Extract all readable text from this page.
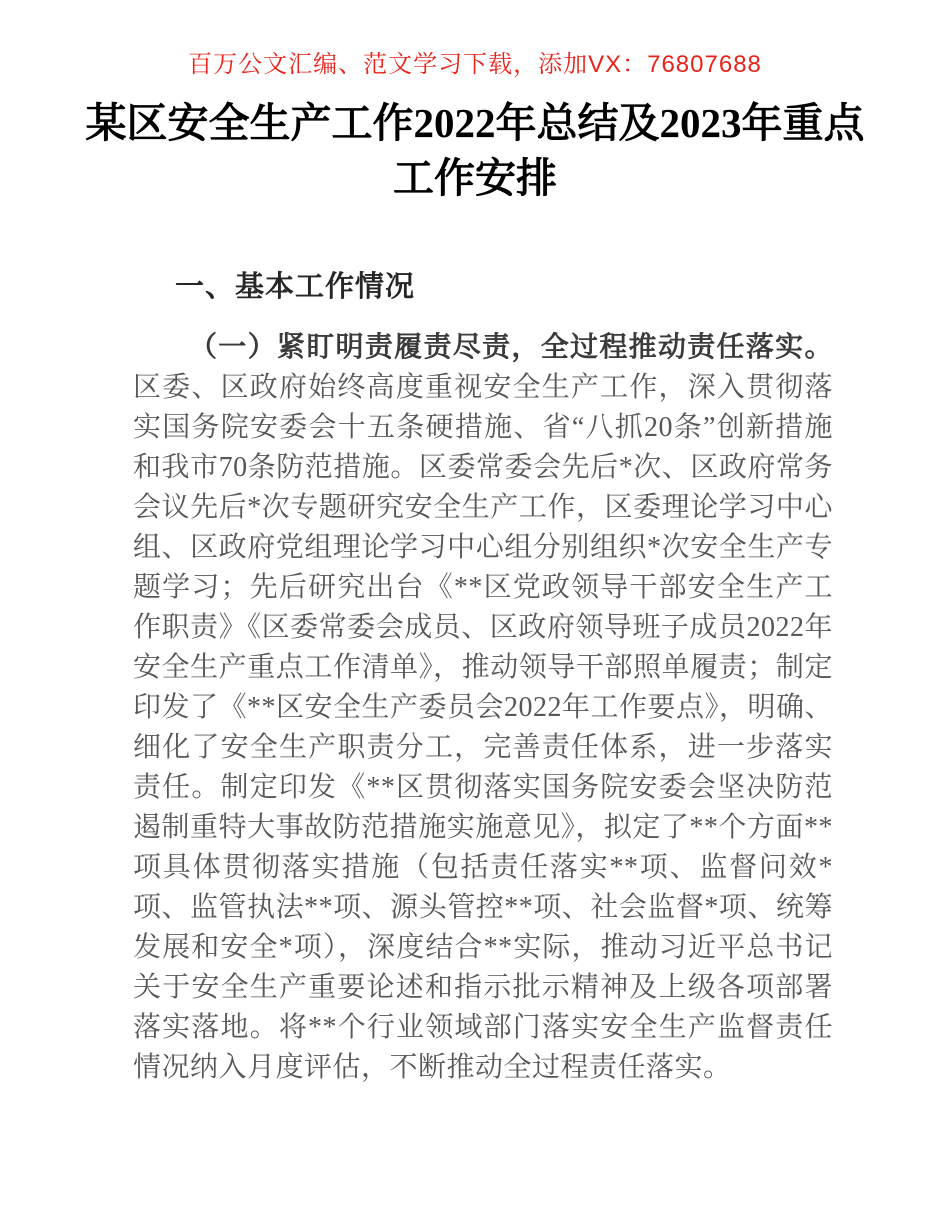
百万公文汇编、范文学习下载，添加VX：76807688
某区安全生产工作2022年总结及2023年重点工作安排
一、基本工作情况

（一）紧盯明责履责尽责，全过程推动责任落实。区委、区政府始终高度重视安全生产工作，深入贯彻落实国务院安委会十五条硬措施、省“八抓20条”创新措施和我市70条防范措施。区委常委会先后*次、区政府常务会议先后*次专题研究安全生产工作，区委理论学习中心组、区政府党组理论学习中心组分别组织*次安全生产专题学习；先后研究出台《**区党政领导干部安全生产工作职责》《区委常委会成员、区政府领导班子成员2022年安全生产重点工作清单》，推动领导干部照单履责；制定印发了《**区安全生产委员会2022年工作要点》，明确、细化了安全生产职责分工，完善责任体系，进一步落实责任。制定印发《**区贯彻落实国务院安委会坚决防范遏制重特大事故防范措施实施意见》，拟定了**个方面**项具体贯彻落实措施（包括责任落实**项、监督问效*项、监管执法**项、源头管控**项、社会监督*项、统筹发展和安全*项），深度结合**实际，推动习近平总书记关于安全生产重要论述和指示批示精神及上级各项部署落实落地。将**个行业领域部门落实安全生产监督责任情况纳入月度评估，不断推动全过程责任落实。
